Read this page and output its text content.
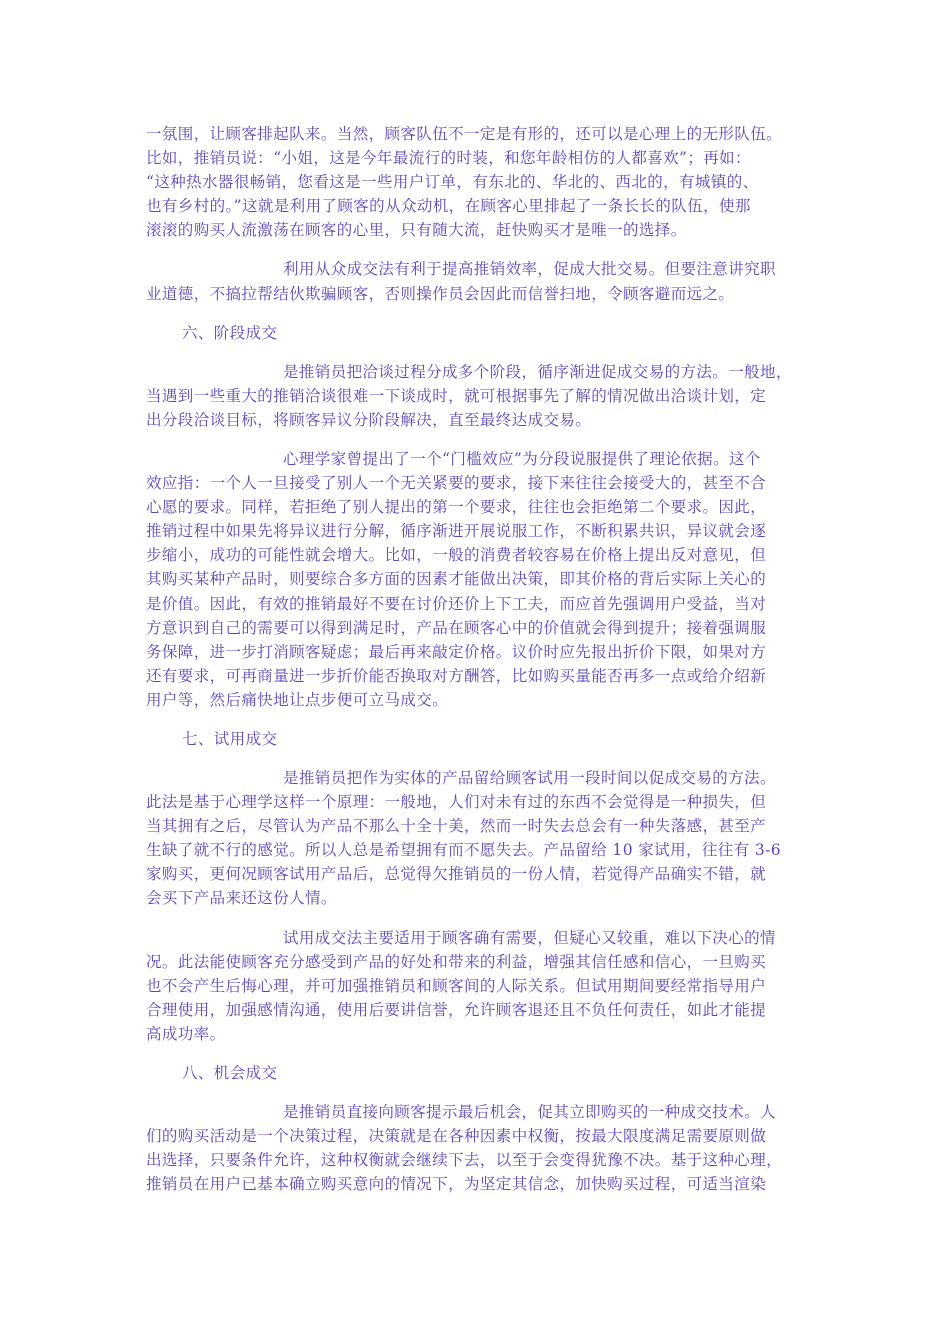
一氛围，让顾客排起队来。当然，顾客队伍不一定是有形的，还可以是心理上的无形队伍。
比如，推销员说：“小姐，这是今年最流行的时装，和您年龄相仿的人都喜欢”；再如：
“这种热水器很畅销，您看这是一些用户订单，有东北的、华北的、西北的，有城镇的、
也有乡村的。”这就是利用了顾客的从众动机，在顾客心里排起了一条长长的队伍，使那
滚滚的购买人流激荡在顾客的心里，只有随大流，赶快购买才是唯一的选择。

利用从众成交法有利于提高推销效率，促成大批交易。但要注意讲究职
业道德，不搞拉帮结伙欺骗顾客，否则操作员会因此而信誉扫地，令顾客避而远之。

六、阶段成交

是推销员把洽谈过程分成多个阶段，循序渐进促成交易的方法。一般地，
当遇到一些重大的推销洽谈很难一下谈成时，就可根据事先了解的情况做出洽谈计划，定
出分段洽谈目标，将顾客异议分阶段解决，直至最终达成交易。

心理学家曾提出了一个“门槛效应”为分段说服提供了理论依据。这个
效应指：一个人一旦接受了别人一个无关紧要的要求，接下来往往会接受大的，甚至不合
心愿的要求。同样，若拒绝了别人提出的第一个要求，往往也会拒绝第二个要求。因此，
推销过程中如果先将异议进行分解，循序渐进开展说服工作，不断积累共识，异议就会逐
步缩小，成功的可能性就会增大。比如，一般的消费者较容易在价格上提出反对意见，但
其购买某种产品时，则要综合多方面的因素才能做出决策，即其价格的背后实际上关心的
是价值。因此，有效的推销最好不要在讨价还价上下工夫，而应首先强调用户受益，当对
方意识到自己的需要可以得到满足时，产品在顾客心中的价值就会得到提升；接着强调服
务保障，进一步打消顾客疑虑；最后再来敲定价格。议价时应先报出折价下限，如果对方
还有要求，可再商量进一步折价能否换取对方酬答，比如购买量能否再多一点或给介绍新
用户等，然后痛快地让点步便可立马成交。

七、试用成交

是推销员把作为实体的产品留给顾客试用一段时间以促成交易的方法。
此法是基于心理学这样一个原理：一般地，人们对未有过的东西不会觉得是一种损失，但
当其拥有之后，尽管认为产品不那么十全十美，然而一时失去总会有一种失落感，甚至产
生缺了就不行的感觉。所以人总是希望拥有而不愿失去。产品留给 10 家试用，往往有 3-6
家购买，更何况顾客试用产品后，总觉得欠推销员的一份人情，若觉得产品确实不错，就
会买下产品来还这份人情。

试用成交法主要适用于顾客确有需要，但疑心又较重，难以下决心的情
况。此法能使顾客充分感受到产品的好处和带来的利益，增强其信任感和信心，一旦购买
也不会产生后悔心理，并可加强推销员和顾客间的人际关系。但试用期间要经常指导用户
合理使用，加强感情沟通，使用后要讲信誉，允许顾客退还且不负任何责任，如此才能提
高成功率。

八、机会成交

是推销员直接向顾客提示最后机会，促其立即购买的一种成交技术。人
们的购买活动是一个决策过程，决策就是在各种因素中权衡，按最大限度满足需要原则做
出选择，只要条件允许，这种权衡就会继续下去，以至于会变得犹豫不决。基于这种心理，
推销员在用户已基本确立购买意向的情况下，为坚定其信念，加快购买过程，可适当渲染
